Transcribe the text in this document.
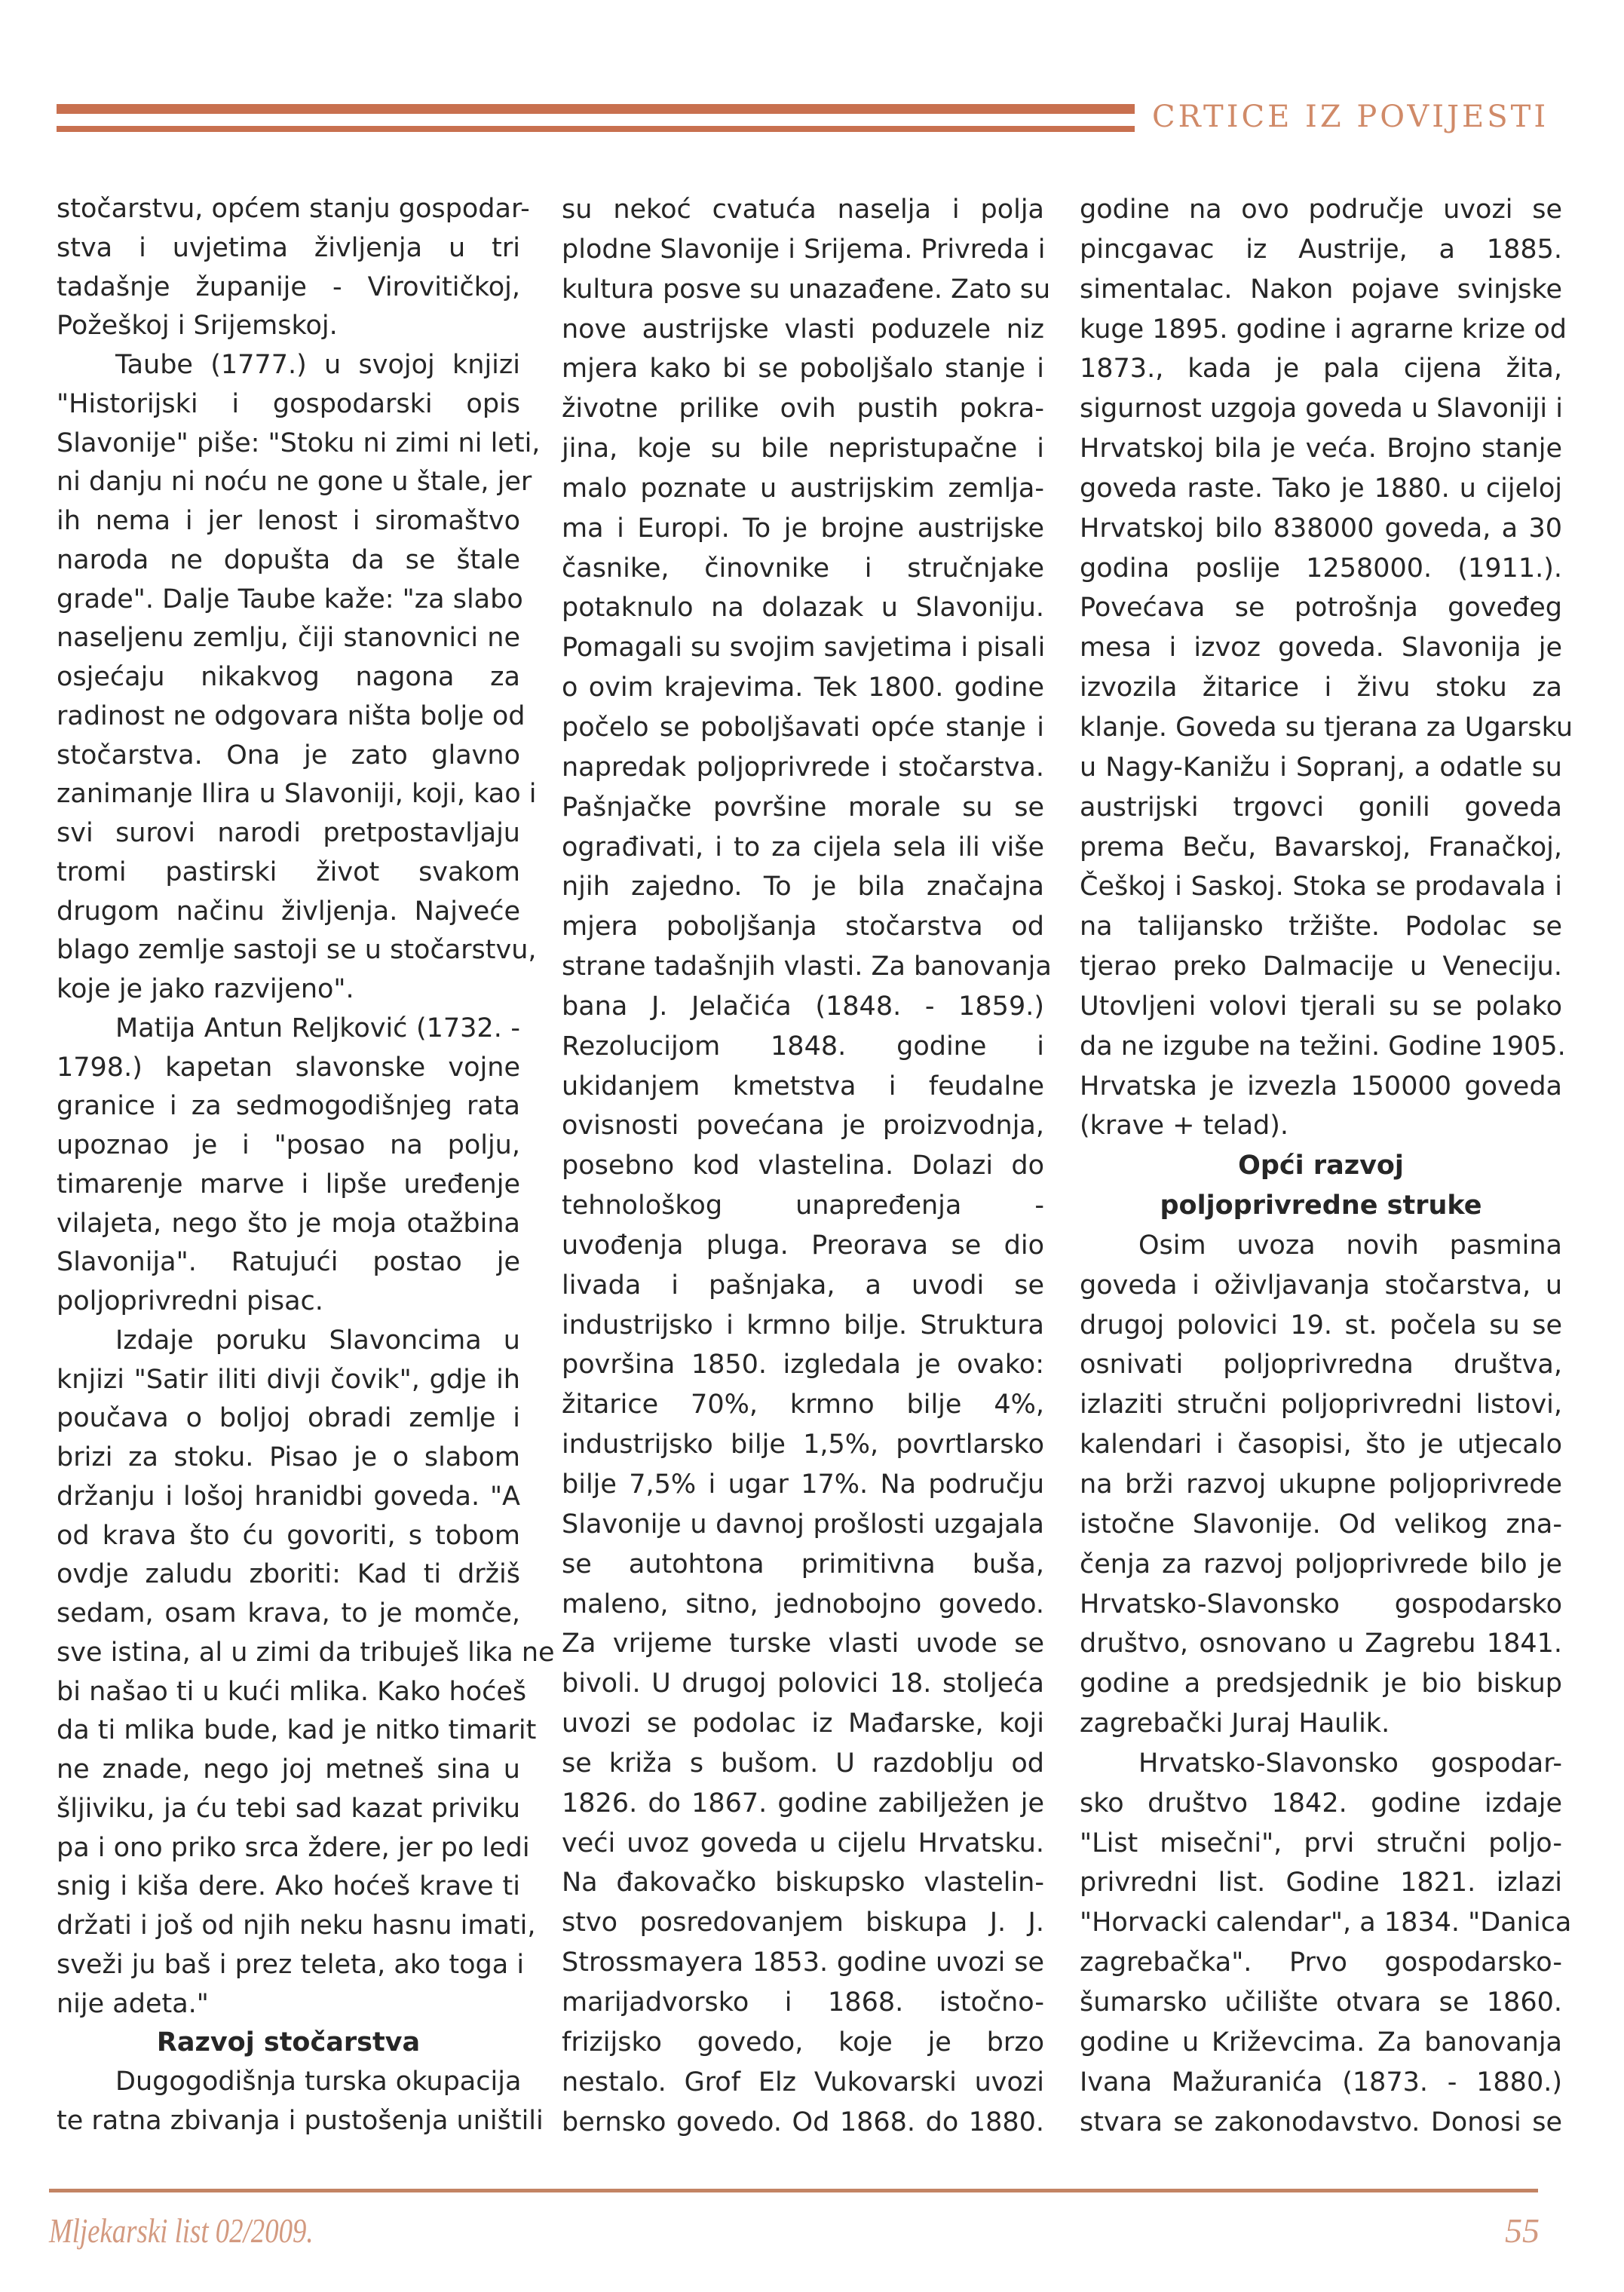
CRTICE IZ POVIJESTI
stočarstvu, općem stanju gospodar-
stva i uvjetima življenja u tri
tadašnje županije - Virovitičkoj,
Požeškoj i Srijemskoj.
Taube (1777.) u svojoj knjizi
"Historijski i gospodarski opis
Slavonije" piše: "Stoku ni zimi ni leti,
ni danju ni noću ne gone u štale, jer
ih nema i jer lenost i siromaštvo
naroda ne dopušta da se štale
grade". Dalje Taube kaže: "za slabo
naseljenu zemlju, čiji stanovnici ne
osjećaju nikakvog nagona za
radinost ne odgovara ništa bolje od
stočarstva. Ona je zato glavno
zanimanje Ilira u Slavoniji, koji, kao i
svi surovi narodi pretpostavljaju
tromi pastirski život svakom
drugom načinu življenja. Najveće
blago zemlje sastoji se u stočarstvu,
koje je jako razvijeno".
Matija Antun Reljković (1732. -
1798.) kapetan slavonske vojne
granice i za sedmogodišnjeg rata
upoznao je i "posao na polju,
timarenje marve i lipše uređenje
vilajeta, nego što je moja otažbina
Slavonija". Ratujući postao je
poljoprivredni pisac.
Izdaje poruku Slavoncima u
knjizi "Satir iliti divji čovik", gdje ih
poučava o boljoj obradi zemlje i
brizi za stoku. Pisao je o slabom
držanju i lošoj hranidbi goveda. "A
od krava što ću govoriti, s tobom
ovdje zaludu zboriti: Kad ti držiš
sedam, osam krava, to je momče,
sve istina, al u zimi da tribuješ lika ne
bi našao ti u kući mlika. Kako hoćeš
da ti mlika bude, kad je nitko timarit
ne znade, nego joj metneš sina u
šljiviku, ja ću tebi sad kazat priviku
pa i ono priko srca ždere, jer po ledi
snig i kiša dere. Ako hoćeš krave ti
držati i još od njih neku hasnu imati,
sveži ju baš i prez teleta, ako toga i
nije adeta."
Razvoj stočarstva
Dugogodišnja turska okupacija
te ratna zbivanja i pustošenja uništili
su nekoć cvatuća naselja i polja
plodne Slavonije i Srijema. Privreda i
kultura posve su unazađene. Zato su
nove austrijske vlasti poduzele niz
mjera kako bi se poboljšalo stanje i
životne prilike ovih pustih pokra-
jina, koje su bile nepristupačne i
malo poznate u austrijskim zemlja-
ma i Europi. To je brojne austrijske
časnike, činovnike i stručnjake
potaknulo na dolazak u Slavoniju.
Pomagali su svojim savjetima i pisali
o ovim krajevima. Tek 1800. godine
počelo se poboljšavati opće stanje i
napredak poljoprivrede i stočarstva.
Pašnjačke površine morale su se
ograđivati, i to za cijela sela ili više
njih zajedno. To je bila značajna
mjera poboljšanja stočarstva od
strane tadašnjih vlasti. Za banovanja
bana J. Jelačića (1848. - 1859.)
Rezolucijom 1848. godine i
ukidanjem kmetstva i feudalne
ovisnosti povećana je proizvodnja,
posebno kod vlastelina. Dolazi do
tehnološkog unapređenja -
uvođenja pluga. Preorava se dio
livada i pašnjaka, a uvodi se
industrijsko i krmno bilje. Struktura
površina 1850. izgledala je ovako:
žitarice 70%, krmno bilje 4%,
industrijsko bilje 1,5%, povrtlarsko
bilje 7,5% i ugar 17%. Na području
Slavonije u davnoj prošlosti uzgajala
se autohtona primitivna buša,
maleno, sitno, jednobojno govedo.
Za vrijeme turske vlasti uvode se
bivoli. U drugoj polovici 18. stoljeća
uvozi se podolac iz Mađarske, koji
se križa s bušom. U razdoblju od
1826. do 1867. godine zabilježen je
veći uvoz goveda u cijelu Hrvatsku.
Na đakovačko biskupsko vlastelin-
stvo posredovanjem biskupa J. J.
Strossmayera 1853. godine uvozi se
marijadvorsko i 1868. istočno-
frizijsko govedo, koje je brzo
nestalo. Grof Elz Vukovarski uvozi
bernsko govedo. Od 1868. do 1880.
godine na ovo područje uvozi se
pincgavac iz Austrije, a 1885.
simentalac. Nakon pojave svinjske
kuge 1895. godine i agrarne krize od
1873., kada je pala cijena žita,
sigurnost uzgoja goveda u Slavoniji i
Hrvatskoj bila je veća. Brojno stanje
goveda raste. Tako je 1880. u cijeloj
Hrvatskoj bilo 838000 goveda, a 30
godina poslije 1258000. (1911.).
Povećava se potrošnja goveđeg
mesa i izvoz goveda. Slavonija je
izvozila žitarice i živu stoku za
klanje. Goveda su tjerana za Ugarsku
u Nagy-Kanižu i Sopranj, a odatle su
austrijski trgovci gonili goveda
prema Beču, Bavarskoj, Franačkoj,
Češkoj i Saskoj. Stoka se prodavala i
na talijansko tržište. Podolac se
tjerao preko Dalmacije u Veneciju.
Utovljeni volovi tjerali su se polako
da ne izgube na težini. Godine 1905.
Hrvatska je izvezla 150000 goveda
(krave + telad).
Opći razvoj
poljoprivredne struke
Osim uvoza novih pasmina
goveda i oživljavanja stočarstva, u
drugoj polovici 19. st. počela su se
osnivati poljoprivredna društva,
izlaziti stručni poljoprivredni listovi,
kalendari i časopisi, što je utjecalo
na brži razvoj ukupne poljoprivrede
istočne Slavonije. Od velikog zna-
čenja za razvoj poljoprivrede bilo je
Hrvatsko-Slavonsko gospodarsko
društvo, osnovano u Zagrebu 1841.
godine a predsjednik je bio biskup
zagrebački Juraj Haulik.
Hrvatsko-Slavonsko gospodar-
sko društvo 1842. godine izdaje
"List misečni", prvi stručni poljo-
privredni list. Godine 1821. izlazi
"Horvacki calendar", a 1834. "Danica
zagrebačka". Prvo gospodarsko-
šumarsko učilište otvara se 1860.
godine u Križevcima. Za banovanja
Ivana Mažuranića (1873. - 1880.)
stvara se zakonodavstvo. Donosi se
Mljekarski list 02/2009.	55
